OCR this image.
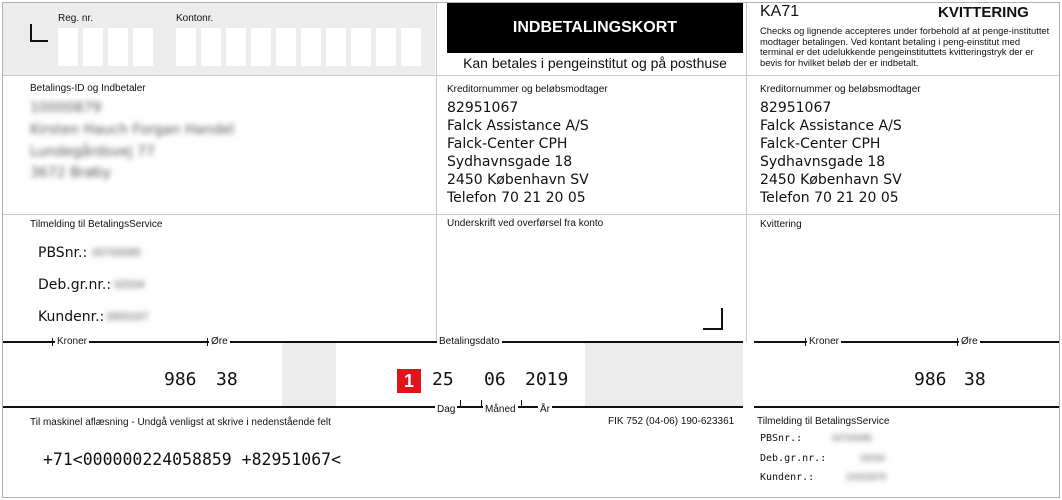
Reg. nr.	Kontonr.
INDBETALINGSKORT
Kan betales i pengeinstitut og på posthuse
KA71	KVITTERING
Checks og lignende accepteres under forbehold af at penge-instituttet modtager betalingen. Ved kontant betaling i peng-einstitut med terminal er det udelukkende pengeinstituttets kvitteringstryk der er bevis for hvilket beløb der er indbetalt.
Betalings-ID og Indbetaler
10000879
Kirsten Hauch Forgan Handel
Lundegårdsvej 77
3672 Brøby
Kreditornummer og beløbsmodtager
82951067
Falck Assistance A/S
Falck-Center CPH
Sydhavnsgade 18
2450 København SV
Telefon 70 21 20 05
Kreditornummer og beløbsmodtager
82951067
Falck Assistance A/S
Falck-Center CPH
Sydhavnsgade 18
2450 København SV
Telefon 70 21 20 05
Tilmelding til BetalingsService
PBSnr.: 00700085
Deb.gr.nr.: 02034
Kundenr.: 2800167
Underskrift ved overførsel fra konto	Kvittering
Kroner	Øre	Betalingsdato
986 38	1	25 06 2019
Kroner	Øre
986 38
Dag	Måned År
Til maskinel aflæsning - Undgå venligst at skrive i nedenstående felt	FIK 752 (04-06) 190-623361
+71<000000224058859 +82951067<
Tilmelding til BetalingsService
PBSnr.:	00700085
Deb.gr.nr.:	02034
Kundenr.:	10002879
